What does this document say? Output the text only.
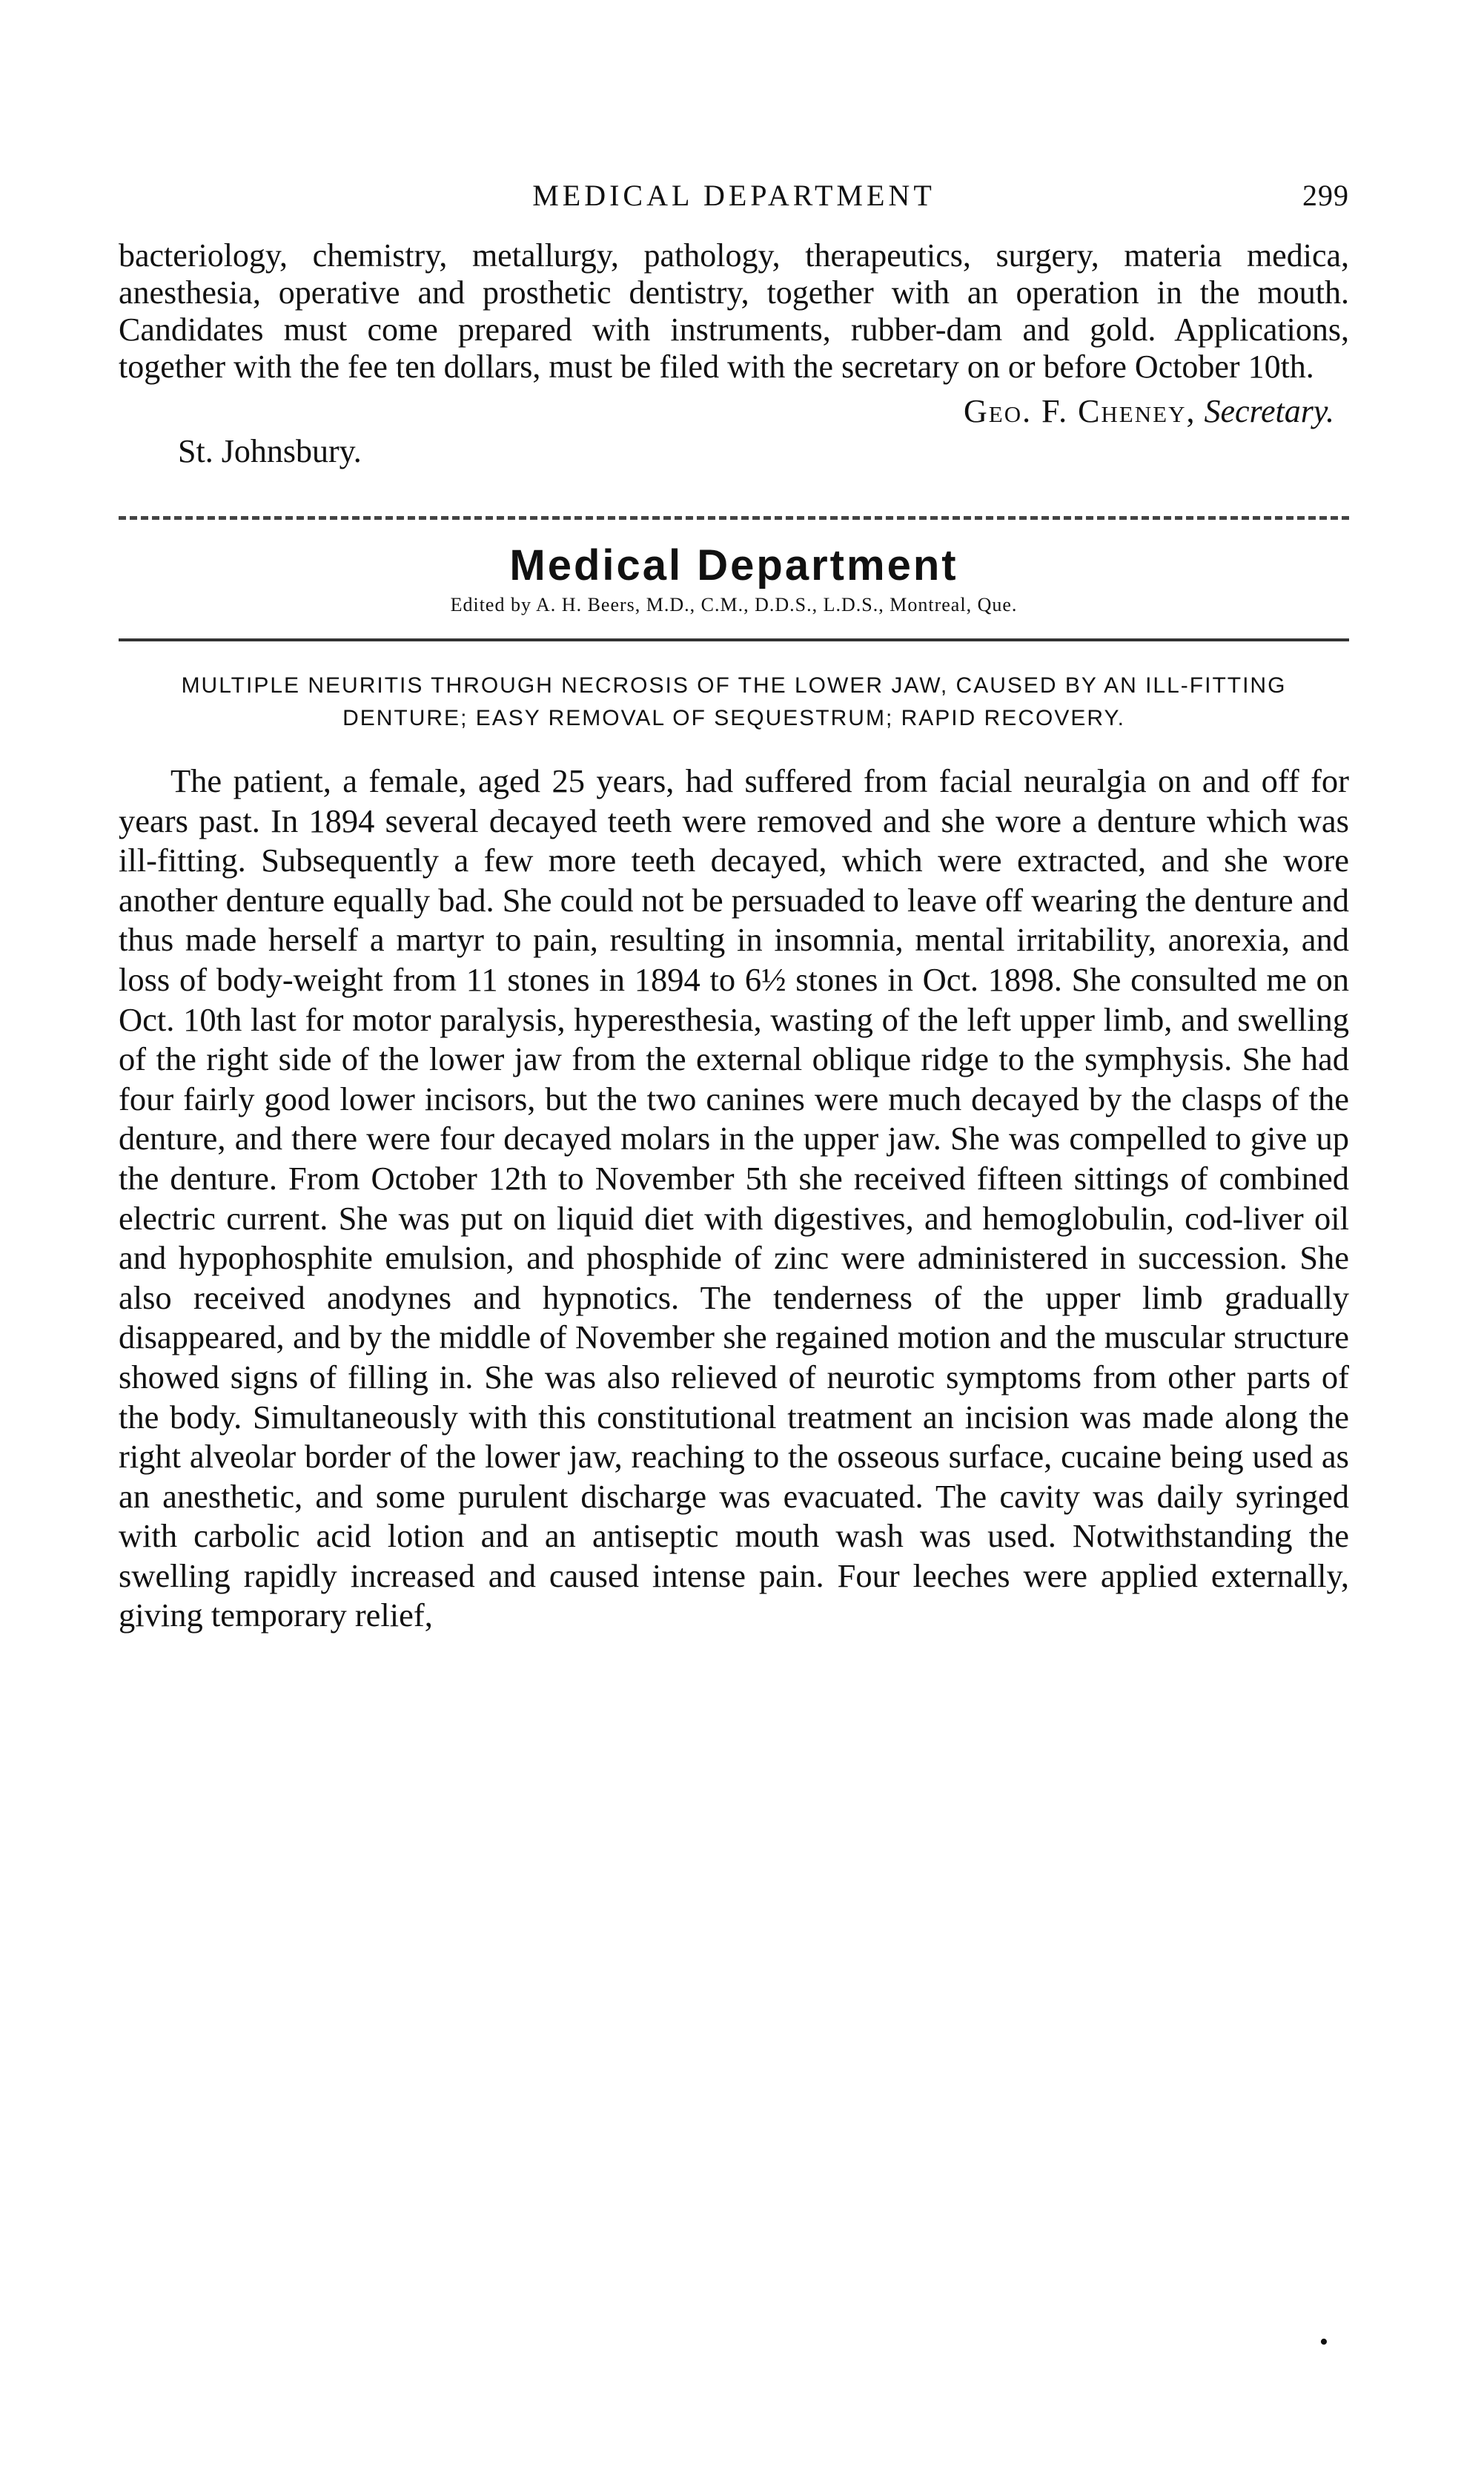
MEDICAL DEPARTMENT	299

bacteriology, chemistry, metallurgy, pathology, therapeutics, surgery, materia medica, anesthesia, operative and prosthetic dentistry, together with an operation in the mouth. Candidates must come prepared with instruments, rubber-dam and gold. Applications, together with the fee ten dollars, must be filed with the secretary on or before October 10th.

Geo. F. Cheney, Secretary.
St. Johnsbury.
Medical Department
Edited by A. H. Beers, M.D., C.M., D.D.S., L.D.S., Montreal, Que.
MULTIPLE NEURITIS THROUGH NECROSIS OF THE LOWER JAW, CAUSED BY AN ILL-FITTING DENTURE; EASY REMOVAL OF SEQUESTRUM; RAPID RECOVERY.

The patient, a female, aged 25 years, had suffered from facial neuralgia on and off for years past. In 1894 several decayed teeth were removed and she wore a denture which was ill-fitting. Subsequently a few more teeth decayed, which were extracted, and she wore another denture equally bad. She could not be persuaded to leave off wearing the denture and thus made herself a martyr to pain, resulting in insomnia, mental irritability, anorexia, and loss of body-weight from 11 stones in 1894 to 6½ stones in Oct. 1898. She consulted me on Oct. 10th last for motor paralysis, hyperesthesia, wasting of the left upper limb, and swelling of the right side of the lower jaw from the external oblique ridge to the symphysis. She had four fairly good lower incisors, but the two canines were much decayed by the clasps of the denture, and there were four decayed molars in the upper jaw. She was compelled to give up the denture. From October 12th to November 5th she received fifteen sittings of combined electric current. She was put on liquid diet with digestives, and hemoglobulin, cod-liver oil and hypophosphite emulsion, and phosphide of zinc were administered in succession. She also received anodynes and hypnotics. The tenderness of the upper limb gradually disappeared, and by the middle of November she regained motion and the muscular structure showed signs of filling in. She was also relieved of neurotic symptoms from other parts of the body. Simultaneously with this constitutional treatment an incision was made along the right alveolar border of the lower jaw, reaching to the osseous surface, cucaine being used as an anesthetic, and some purulent discharge was evacuated. The cavity was daily syringed with carbolic acid lotion and an antiseptic mouth wash was used. Notwithstanding the swelling rapidly increased and caused intense pain. Four leeches were applied externally, giving temporary relief,

•
